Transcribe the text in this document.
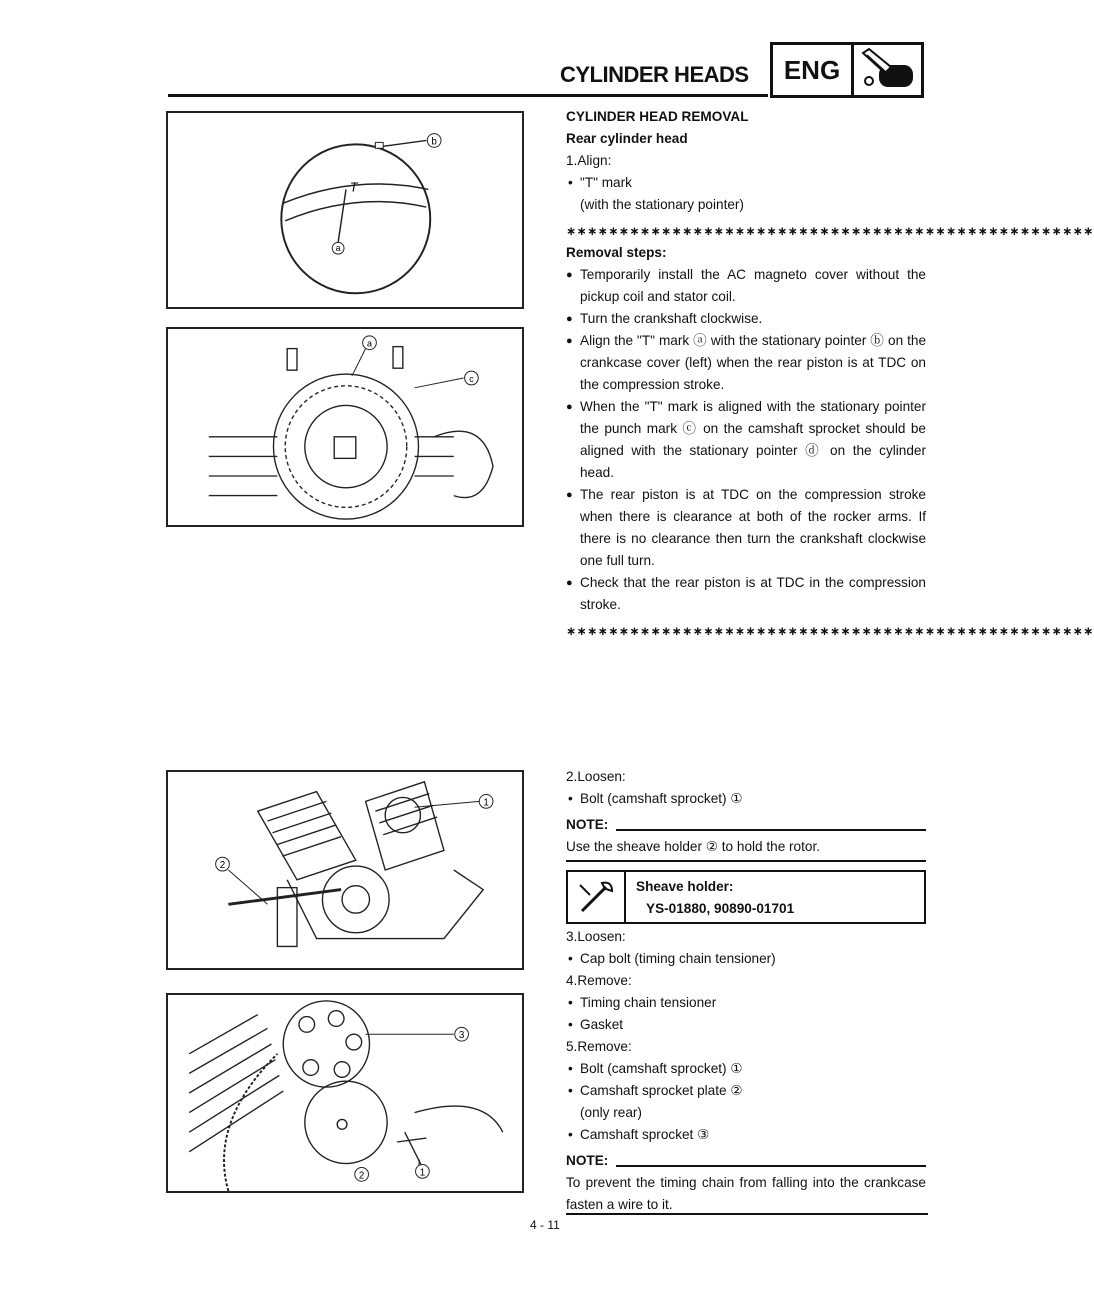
CYLINDER HEADS	ENG
b
T
a
a
c
CYLINDER HEAD REMOVAL
Rear cylinder head
1.Align:
• "T" mark
(with the stationary pointer)
∗∗∗∗∗∗∗∗∗∗∗∗∗∗∗∗∗∗∗∗∗∗∗∗∗∗∗∗∗∗∗∗∗∗∗∗∗∗∗∗∗∗∗∗∗∗∗∗∗∗
Removal steps:
● Temporarily install the AC magneto cover without the pickup coil and stator coil.
● Turn the crankshaft clockwise.
● Align the "T" mark ⓐ with the stationary pointer ⓑ on the crankcase cover (left) when the rear piston is at TDC on the compression stroke.
● When the "T" mark is aligned with the stationary pointer the punch mark ⓒ on the camshaft sprocket should be aligned with the stationary pointer ⓓ on the cylinder head.
● The rear piston is at TDC on the compression stroke when there is clearance at both of the rocker arms. If there is no clearance then turn the crankshaft clockwise one full turn.
● Check that the rear piston is at TDC in the compression stroke.
∗∗∗∗∗∗∗∗∗∗∗∗∗∗∗∗∗∗∗∗∗∗∗∗∗∗∗∗∗∗∗∗∗∗∗∗∗∗∗∗∗∗∗∗∗∗∗∗∗∗
1
2
3
2	1
2.Loosen:
• Bolt (camshaft sprocket) ①
NOTE:
Use the sheave holder ② to hold the rotor.
Sheave holder:
YS-01880, 90890-01701
3.Loosen:
• Cap bolt (timing chain tensioner)
4.Remove:
• Timing chain tensioner
• Gasket
5.Remove:
• Bolt (camshaft sprocket) ①
• Camshaft sprocket plate ②
(only rear)
• Camshaft sprocket ③
NOTE:
To prevent the timing chain from falling into the crankcase fasten a wire to it.
4 - 11
